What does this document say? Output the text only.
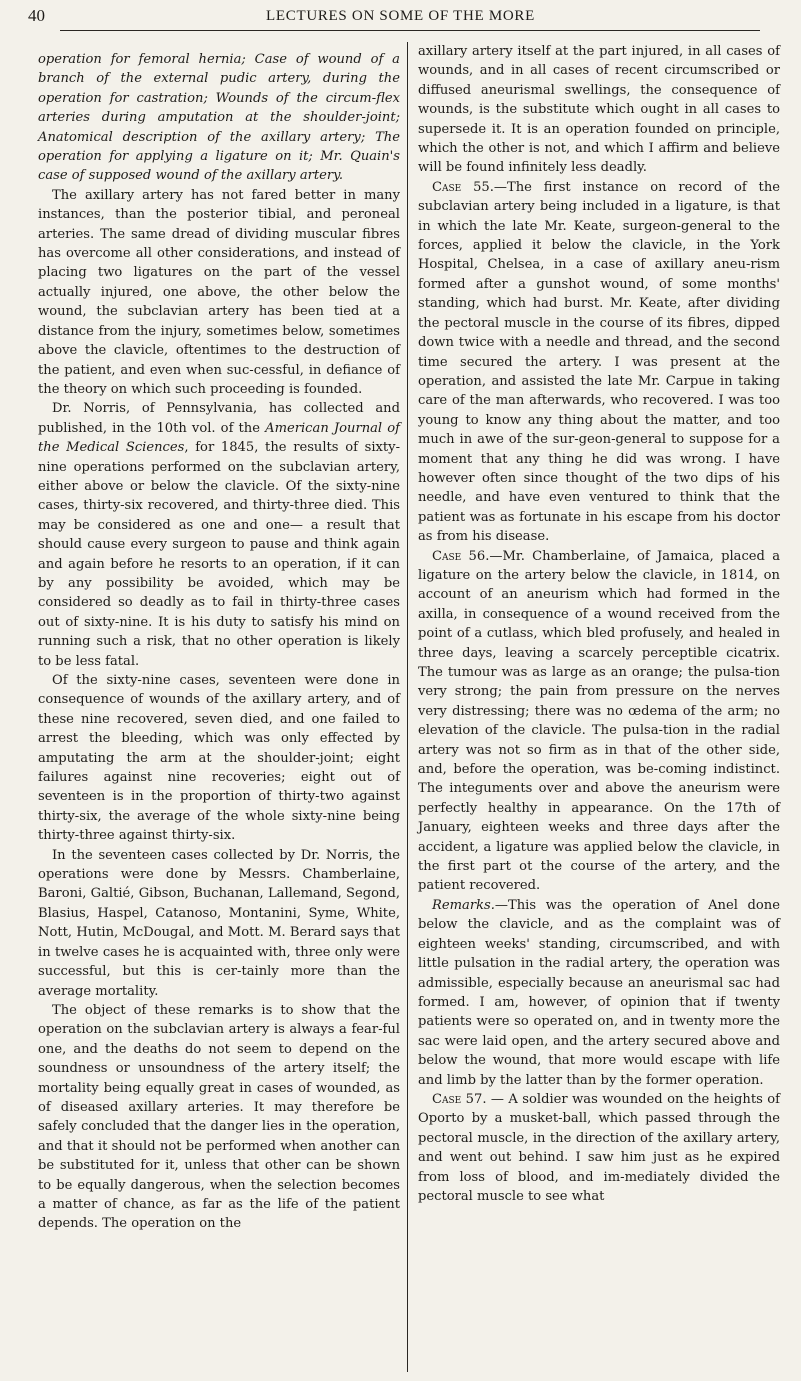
40	LECTURES ON SOME OF THE MORE

operation for femoral hernia; Case of wound of a branch of the external pudic artery, during the operation for castration; Wounds of the circum-flex arteries during amputation at the shoulder-joint; Anatomical description of the axillary artery; The operation for applying a ligature on it; Mr. Quain's case of supposed wound of the axillary artery.

The axillary artery has not fared better in many instances, than the posterior tibial, and peroneal arteries. The same dread of dividing muscular fibres has overcome all other considerations, and instead of placing two ligatures on the part of the vessel actually injured, one above, the other below the wound, the subclavian artery has been tied at a distance from the injury, sometimes below, sometimes above the clavicle, oftentimes to the destruction of the patient, and even when suc-cessful, in defiance of the theory on which such proceeding is founded.

Dr. Norris, of Pennsylvania, has collected and published, in the 10th vol. of the American Journal of the Medical Sciences, for 1845, the results of sixty-nine operations performed on the subclavian artery, either above or below the clavicle. Of the sixty-nine cases, thirty-six recovered, and thirty-three died. This may be considered as one and one— a result that should cause every surgeon to pause and think again and again before he resorts to an operation, if it can by any possibility be avoided, which may be considered so deadly as to fail in thirty-three cases out of sixty-nine. It is his duty to satisfy his mind on running such a risk, that no other operation is likely to be less fatal.

Of the sixty-nine cases, seventeen were done in consequence of wounds of the axillary artery, and of these nine recovered, seven died, and one failed to arrest the bleeding, which was only effected by amputating the arm at the shoulder-joint; eight failures against nine recoveries; eight out of seventeen is in the proportion of thirty-two against thirty-six, the average of the whole sixty-nine being thirty-three against thirty-six.

In the seventeen cases collected by Dr. Norris, the operations were done by Messrs. Chamberlaine, Baroni, Galtié, Gibson, Buchanan, Lallemand, Segond, Blasius, Haspel, Catanoso, Montanini, Syme, White, Nott, Hutin, McDougal, and Mott. M. Berard says that in twelve cases he is acquainted with, three only were successful, but this is cer-tainly more than the average mortality.

The object of these remarks is to show that the operation on the subclavian artery is always a fear-ful one, and the deaths do not seem to depend on the soundness or unsoundness of the artery itself; the mortality being equally great in cases of wounded, as of diseased axillary arteries. It may therefore be safely concluded that the danger lies in the operation, and that it should not be performed when another can be substituted for it, unless that other can be shown to be equally dangerous, when the selection becomes a matter of chance, as far as the life of the patient depends. The operation on the

axillary artery itself at the part injured, in all cases of wounds, and in all cases of recent circumscribed or diffused aneurismal swellings, the consequence of wounds, is the substitute which ought in all cases to supersede it. It is an operation founded on principle, which the other is not, and which I affirm and believe will be found infinitely less deadly.

Case 55.—The first instance on record of the subclavian artery being included in a ligature, is that in which the late Mr. Keate, surgeon-general to the forces, applied it below the clavicle, in the York Hospital, Chelsea, in a case of axillary aneu-rism formed after a gunshot wound, of some months' standing, which had burst. Mr. Keate, after dividing the pectoral muscle in the course of its fibres, dipped down twice with a needle and thread, and the second time secured the artery. I was present at the operation, and assisted the late Mr. Carpue in taking care of the man afterwards, who recovered. I was too young to know any thing about the matter, and too much in awe of the sur-geon-general to suppose for a moment that any thing he did was wrong. I have however often since thought of the two dips of his needle, and have even ventured to think that the patient was as fortunate in his escape from his doctor as from his disease.

Case 56.—Mr. Chamberlaine, of Jamaica, placed a ligature on the artery below the clavicle, in 1814, on account of an aneurism which had formed in the axilla, in consequence of a wound received from the point of a cutlass, which bled profusely, and healed in three days, leaving a scarcely perceptible cicatrix. The tumour was as large as an orange; the pulsa-tion very strong; the pain from pressure on the nerves very distressing; there was no œdema of the arm; no elevation of the clavicle. The pulsa-tion in the radial artery was not so firm as in that of the other side, and, before the operation, was be-coming indistinct. The integuments over and above the aneurism were perfectly healthy in appearance. On the 17th of January, eighteen weeks and three days after the accident, a ligature was applied below the clavicle, in the first part ot the course of the artery, and the patient recovered.

Remarks.—This was the operation of Anel done below the clavicle, and as the complaint was of eighteen weeks' standing, circumscribed, and with little pulsation in the radial artery, the operation was admissible, especially because an aneurismal sac had formed. I am, however, of opinion that if twenty patients were so operated on, and in twenty more the sac were laid open, and the artery secured above and below the wound, that more would escape with life and limb by the latter than by the former operation.

Case 57. — A soldier was wounded on the heights of Oporto by a musket-ball, which passed through the pectoral muscle, in the direction of the axillary artery, and went out behind. I saw him just as he expired from loss of blood, and im-mediately divided the pectoral muscle to see what
